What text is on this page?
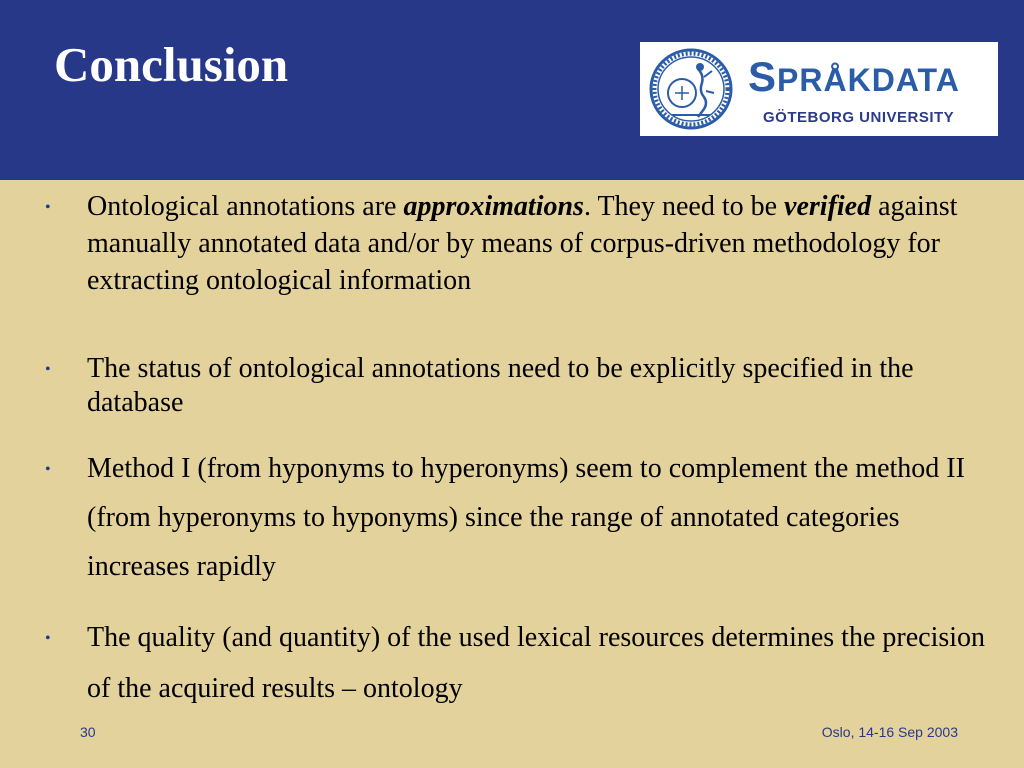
Conclusion	SPRÅKDATA
GÖTEBORG UNIVERSITY
• Ontological annotations are approximations. They need to be verified against manually annotated data and/or by means of corpus-driven methodology for extracting ontological information
• The status of ontological annotations need to be explicitly specified in the database
• Method I (from hyponyms to hyperonyms) seem to complement the method II (from hyperonyms to hyponyms) since the range of annotated categories increases rapidly
• The quality (and quantity) of the used lexical resources determines the precision of the acquired results – ontology
30	Oslo, 14-16 Sep 2003
